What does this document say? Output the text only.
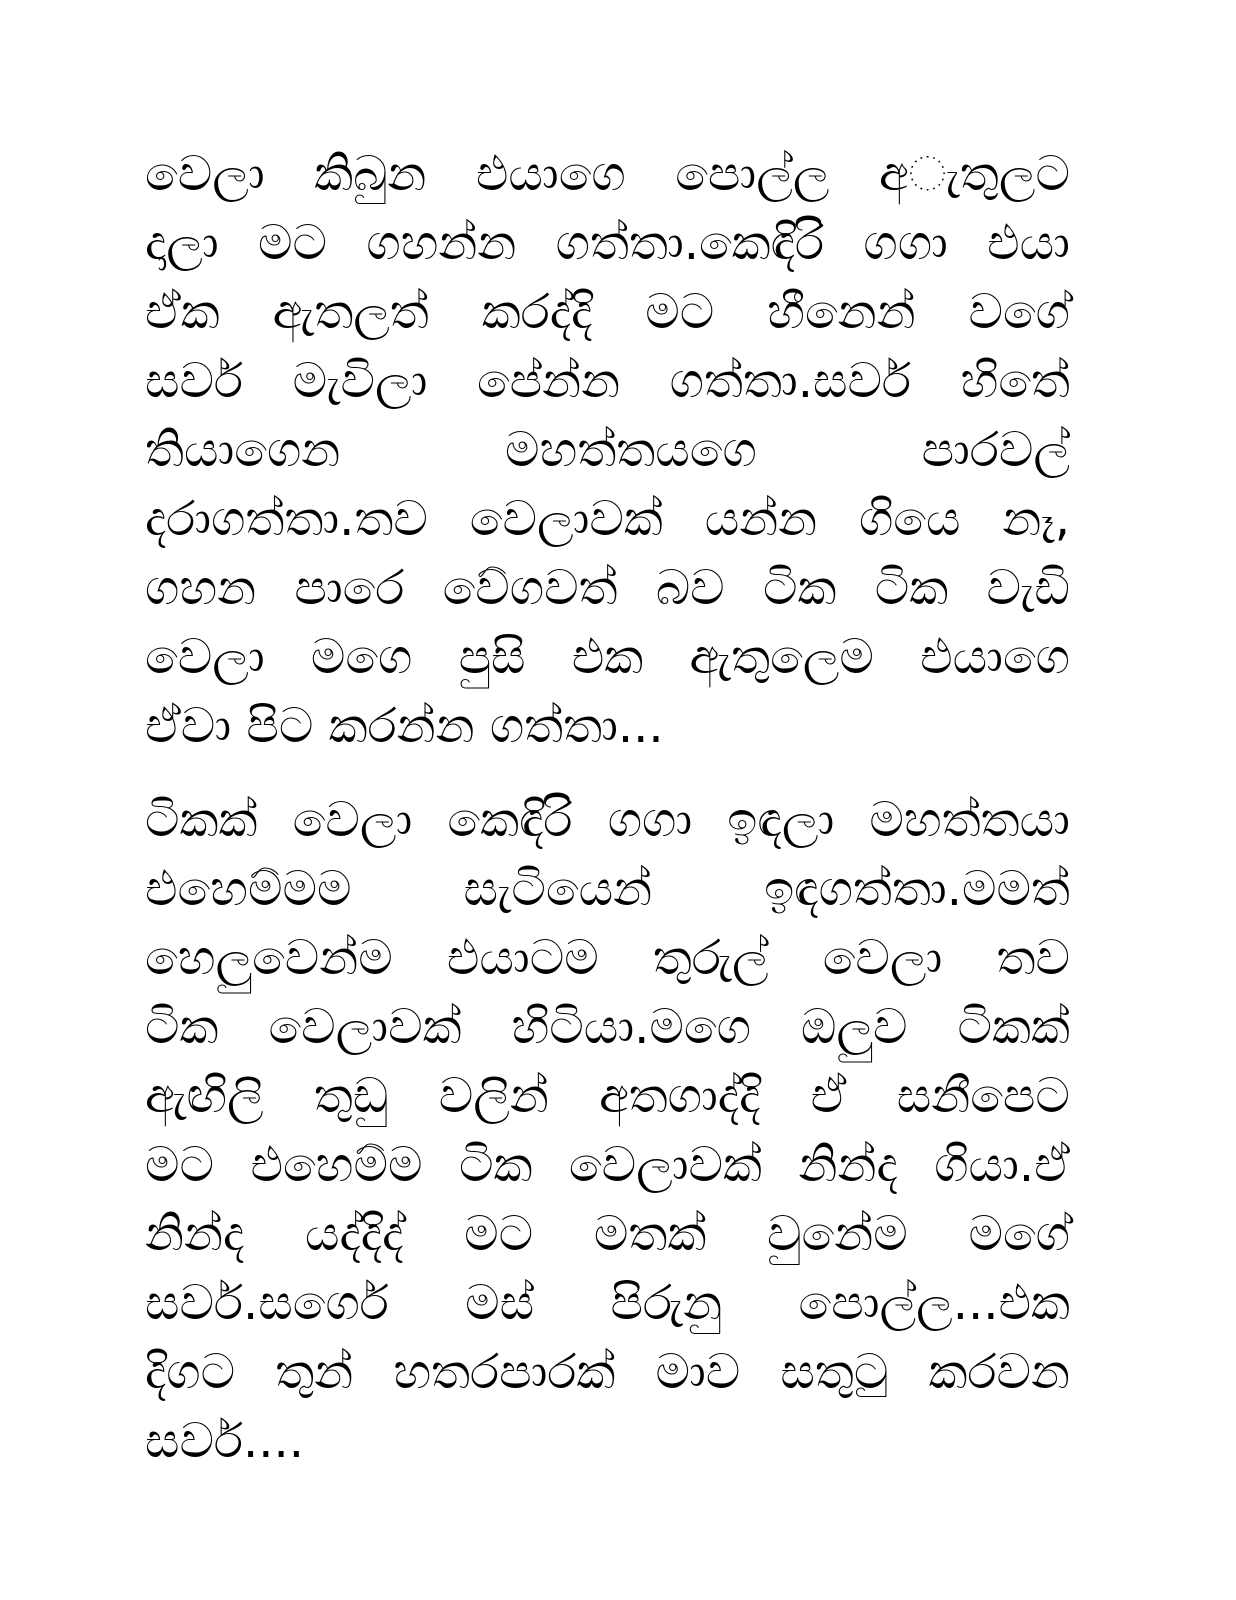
වෙලා කිබුන එයාගෙ පොල්ල අැතුලට
දාලා මට ගහන්න ගත්තා.කෙඳිරි ගගා එයා
ඒක ඇතලත් කරද්දි මට හීනෙන් වගේ
සර්ව මැවිලා පේන්න ගත්තා.සර්ව හිතේ
තියාගෙන	මහත්තයගෙ	පාරවල්
දරාගත්තා.තව වෙලාවක් යන්න ගියෙ නෑ,
ගහන පාරෙ වේගවත් බව ටික ටික වැඩි
වෙලා මගෙ පුසි එක ඇතුලෙම එයාගෙ
ඒවා පිට කරන්න ගත්තා...
ටිකක් වෙලා කෙඳිරි ගගා ඉඳලා මහත්තයා
එහෙම්මම සැටියෙන් ඉඳගත්තා.මමත්
හෙලුවෙන්ම එයාටම තුරුල් වෙලා තව
ටික වෙලාවක් හිටියා.මගෙ ඔලුව ටිකක්
ඇඟිලි තුඩු වලින් අතගාද්දි ඒ සනීපෙට
මට එහෙම්ම ටික වෙලාවක් නින්ද ගියා.ඒ
නින්ද යද්දිද් මට මතක් වුනේම මගේ
සර්ව.සර්ගෙ මස් පිරුනු පොල්ල...එක
දිගට තුන් හතරපාරක් මාව සතුටු කරවන
සර්ව....
